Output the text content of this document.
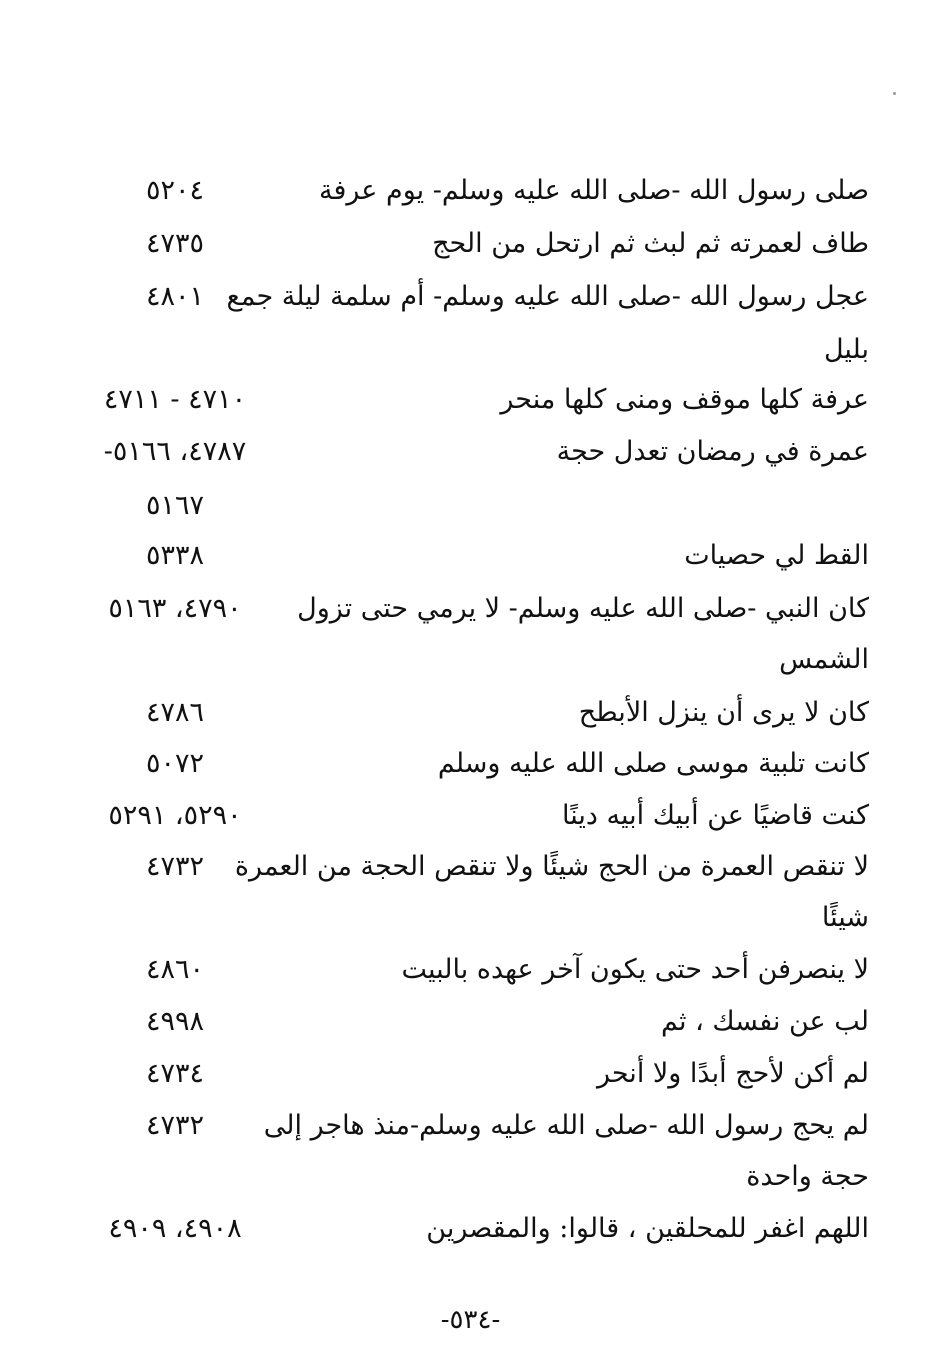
صلى رسول الله -صلى الله عليه وسلم- يوم عرفة
٥٢٠٤
طاف لعمرته ثم لبث ثم ارتحل من الحج
٤٧٣٥
عجل رسول الله -صلى الله عليه وسلم- أم سلمة ليلة جمع
٤٨٠١
بليل
عرفة كلها موقف ومنى كلها منحر
٤٧١٠ - ٤٧١١
عمرة في رمضان تعدل حجة
٤٧٨٧، ٥١٦٦-
٥١٦٧
القط لي حصيات
٥٣٣٨
كان النبي -صلى الله عليه وسلم- لا يرمي حتى تزول
٤٧٩٠، ٥١٦٣
الشمس
كان لا يرى أن ينزل الأبطح
٤٧٨٦
كانت تلبية موسى صلى الله عليه وسلم
٥٠٧٢
كنت قاضيًا عن أبيك أبيه دينًا
٥٢٩٠، ٥٢٩١
لا تنقص العمرة من الحج شيئًا ولا تنقص الحجة من العمرة
٤٧٣٢
شيئًا
لا ينصرفن أحد حتى يكون آخر عهده بالبيت
٤٨٦٠
لب عن نفسك ، ثم
٤٩٩٨
لم أكن لأحج أبدًا ولا أنحر
٤٧٣٤
لم يحج رسول الله -صلى الله عليه وسلم-منذ هاجر إلى
٤٧٣٢
حجة واحدة
اللهم اغفر للمحلقين ، قالوا: والمقصرين
٤٩٠٨، ٤٩٠٩
-٥٣٤-
